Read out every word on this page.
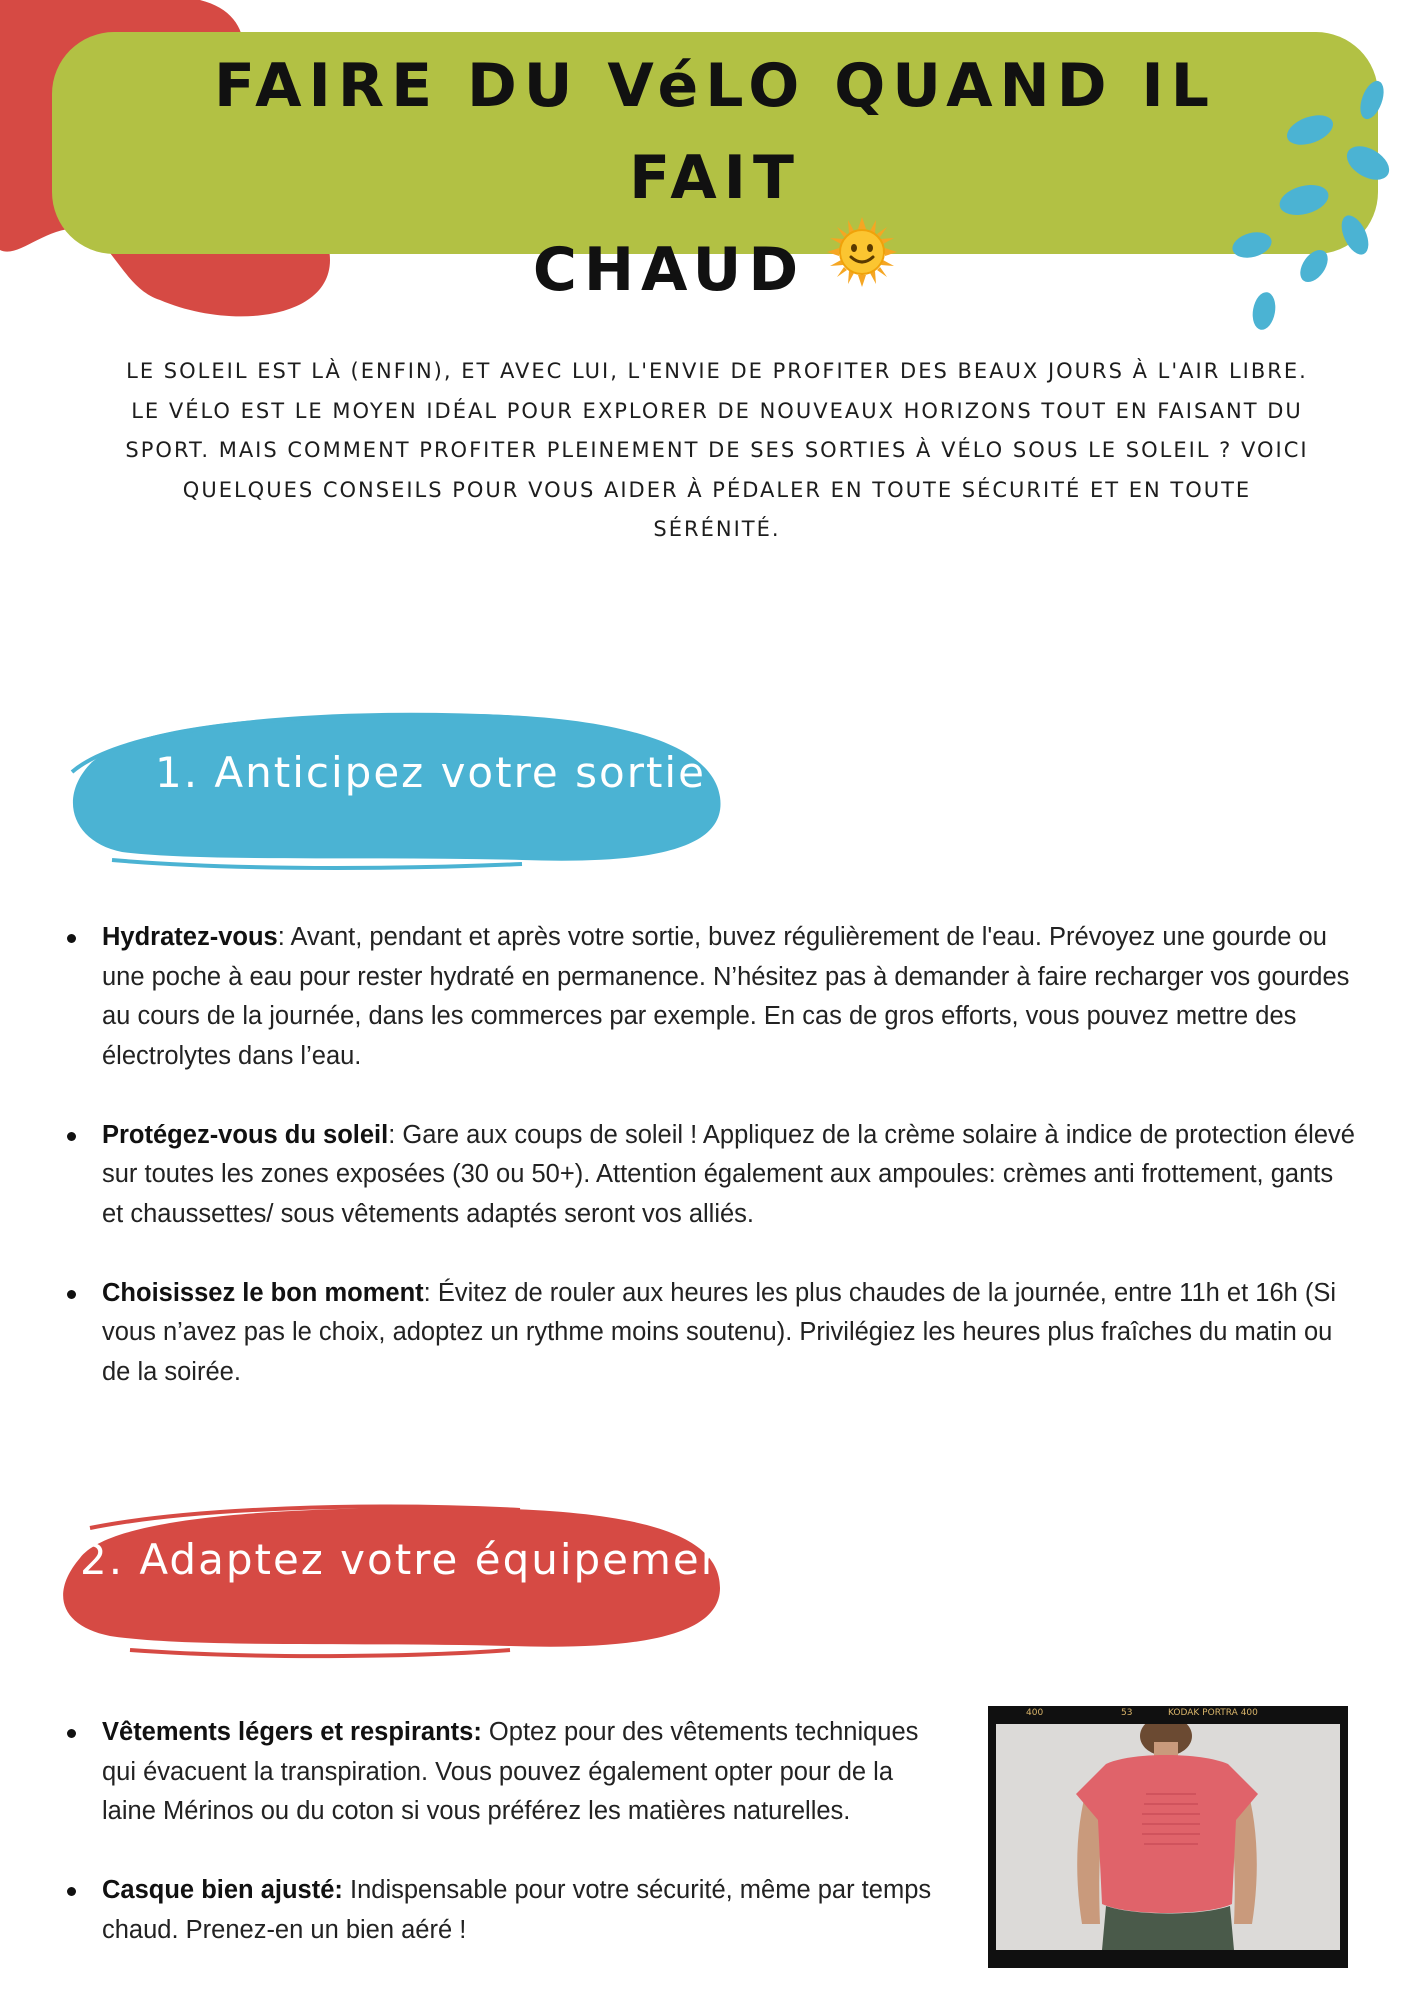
FAIRE DU VéLO QUAND IL FAIT
CHAUD
LE SOLEIL EST LÀ (ENFIN), ET AVEC LUI, L'ENVIE DE PROFITER DES BEAUX JOURS À L'AIR LIBRE. LE VÉLO EST LE MOYEN IDÉAL POUR EXPLORER DE NOUVEAUX HORIZONS TOUT EN FAISANT DU SPORT. MAIS COMMENT PROFITER PLEINEMENT DE SES SORTIES À VÉLO SOUS LE SOLEIL ? VOICI QUELQUES CONSEILS POUR VOUS AIDER À PÉDALER EN TOUTE SÉCURITÉ ET EN TOUTE SÉRÉNITÉ.
1. Anticipez votre sortie
Hydratez-vous: Avant, pendant et après votre sortie, buvez régulièrement de l'eau. Prévoyez une gourde ou une poche à eau pour rester hydraté en permanence. N’hésitez pas à demander à faire recharger vos gourdes au cours de la journée, dans les commerces par exemple. En cas de gros efforts, vous pouvez mettre des électrolytes dans l’eau.
Protégez-vous du soleil: Gare aux coups de soleil ! Appliquez de la crème solaire à indice de protection élevé sur toutes les zones exposées (30 ou 50+). Attention également aux ampoules: crèmes anti frottement, gants et chaussettes/ sous vêtements adaptés seront vos alliés.
Choisissez le bon moment: Évitez de rouler aux heures les plus chaudes de la journée, entre 11h et 16h (Si vous n’avez pas le choix, adoptez un rythme moins soutenu). Privilégiez les heures plus fraîches du matin ou de la soirée.
2. Adaptez votre équipement
Vêtements légers et respirants: Optez pour des vêtements techniques qui évacuent la transpiration. Vous pouvez également opter pour de la laine Mérinos ou du coton si vous préférez les matières naturelles.
Casque bien ajusté: Indispensable pour votre sécurité, même par temps chaud. Prenez-en un bien aéré !
400	53	KODAK PORTRA 400
